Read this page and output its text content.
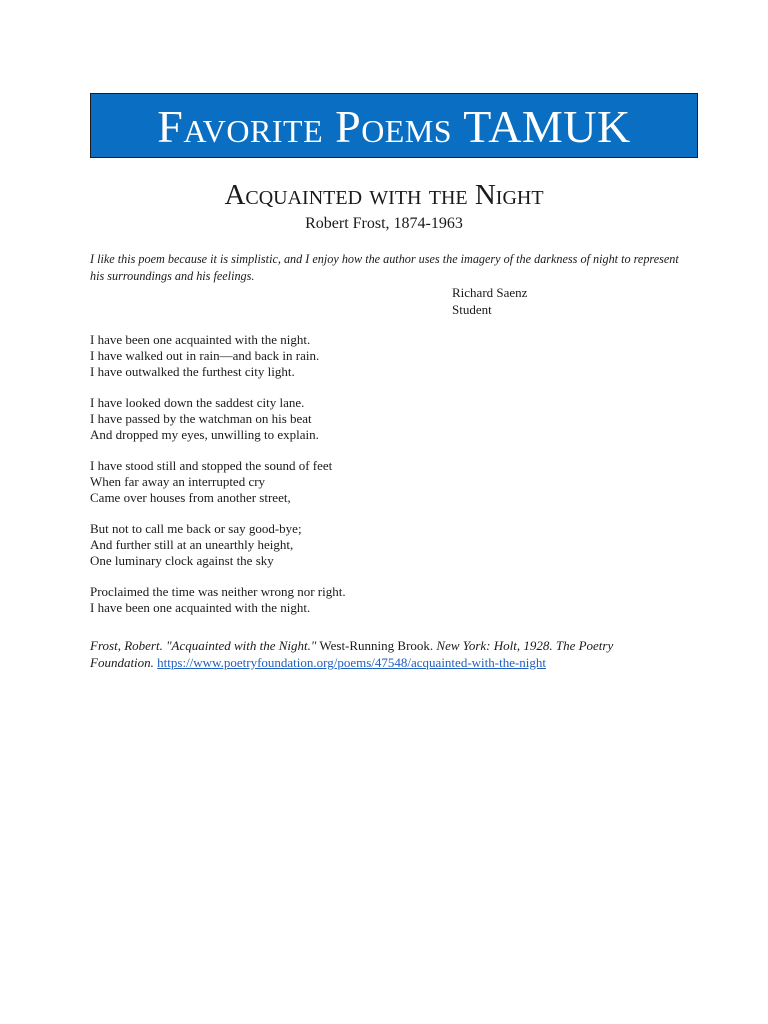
Favorite Poems TAMUK
Acquainted with the Night
Robert Frost, 1874-1963
I like this poem because it is simplistic, and I enjoy how the author uses the imagery of the darkness of night to represent his surroundings and his feelings.
Richard Saenz
Student
I have been one acquainted with the night.
I have walked out in rain—and back in rain.
I have outwalked the furthest city light.
I have looked down the saddest city lane.
I have passed by the watchman on his beat
And dropped my eyes, unwilling to explain.
I have stood still and stopped the sound of feet
When far away an interrupted cry
Came over houses from another street,
But not to call me back or say good-bye;
And further still at an unearthly height,
One luminary clock against the sky
Proclaimed the time was neither wrong nor right.
I have been one acquainted with the night.
Frost, Robert. "Acquainted with the Night." West-Running Brook. New York: Holt, 1928. The Poetry Foundation. https://www.poetryfoundation.org/poems/47548/acquainted-with-the-night
